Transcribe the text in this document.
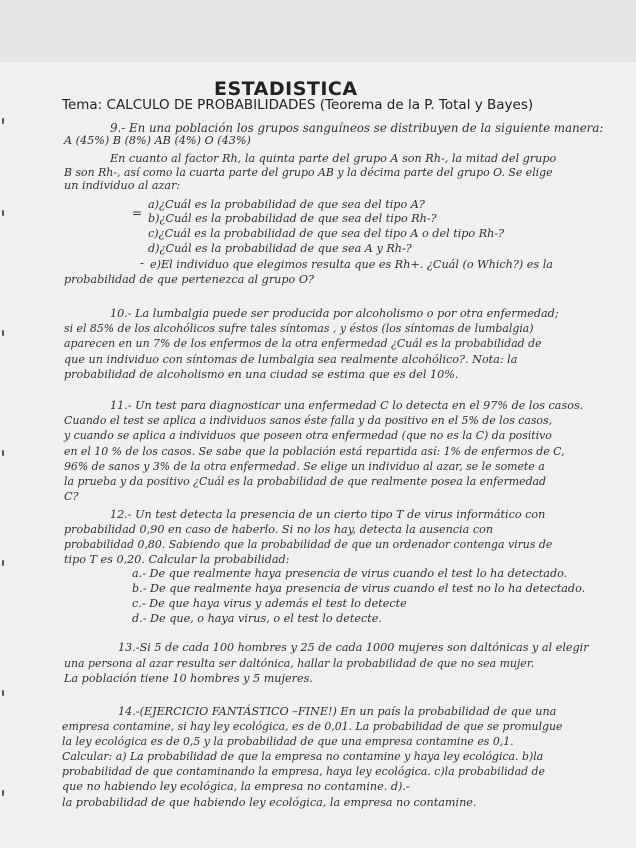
ESTADISTICA
Tema: CALCULO DE PROBABILIDADES (Teorema de la P. Total y Bayes)
9.- En una población los grupos sanguíneos se distribuyen de la siguiente manera:
A (45%) B (8%) AB (4%) O (43%)
En cuanto al factor Rh, la quinta parte del grupo A son Rh-, la mitad del grupo
B son Rh-, así como la cuarta parte del grupo AB y la décima parte del grupo O. Se elige
un individuo al azar:
a)¿Cuál es la probabilidad de que sea del tipo A?
= b)¿Cuál es la probabilidad de que sea del tipo Rh-?
c)¿Cuál es la probabilidad de que sea del tipo A o del tipo Rh-?
d)¿Cuál es la probabilidad de que sea A y Rh-?
- e)El individuo que elegimos resulta que es Rh+. ¿Cuál (o Which?) es la
probabilidad de que pertenezca al grupo O?
10.- La lumbalgia puede ser producida por alcoholismo o por otra enfermedad;
si el 85% de los alcohólicos sufre tales síntomas , y éstos (los síntomas de lumbalgia)
aparecen en un 7% de los enfermos de la otra enfermedad ¿Cuál es la probabilidad de
que un individuo con síntomas de lumbalgia sea realmente alcohólico?. Nota: la
probabilidad de alcoholismo en una ciudad se estima que es del 10%.
11.- Un test para diagnosticar una enfermedad C lo detecta en el 97% de los casos.
Cuando el test se aplica a individuos sanos éste falla y da positivo en el 5% de los casos,
y cuando se aplica a individuos que poseen otra enfermedad (que no es la C) da positivo
en el 10 % de los casos. Se sabe que la población está repartida así: 1% de enfermos de C,
96% de sanos y 3% de la otra enfermedad. Se elige un individuo al azar, se le somete a
la prueba y da positivo ¿Cuál es la probabilidad de que realmente posea la enfermedad
C?
12.- Un test detecta la presencia de un cierto tipo T de virus informático con
probabilidad 0,90 en caso de haberlo. Si no los hay, detecta la ausencia con
probabilidad 0,80. Sabiendo que la probabilidad de que un ordenador contenga virus de
tipo T es 0,20. Calcular la probabilidad:
a.- De que realmente haya presencia de virus cuando el test lo ha detectado.
b.- De que realmente haya presencia de virus cuando el test no lo ha detectado.
c.- De que haya virus y además el test lo detecte
d.- De que, o haya virus, o el test lo detecte.
13.-Si 5 de cada 100 hombres y 25 de cada 1000 mujeres son daltónicas y al elegir
una persona al azar resulta ser daltónica, hallar la probabilidad de que no sea mujer.
La población tiene 10 hombres y 5 mujeres.
14.-(EJERCICIO FANTÁSTICO –FINE!) En un país la probabilidad de que una
empresa contamine, si hay ley ecológica, es de 0,01. La probabilidad de que se promulgue
la ley ecológica es de 0,5 y la probabilidad de que una empresa contamine es 0,1.
Calcular: a) La probabilidad de que la empresa no contamine y haya ley ecológica. b)la
probabilidad de que contaminando la empresa, haya ley ecológica. c)la probabilidad de
que no habiendo ley ecológica, la empresa no contamine. d).-
la probabilidad de que habiendo ley ecológica, la empresa no contamine.
